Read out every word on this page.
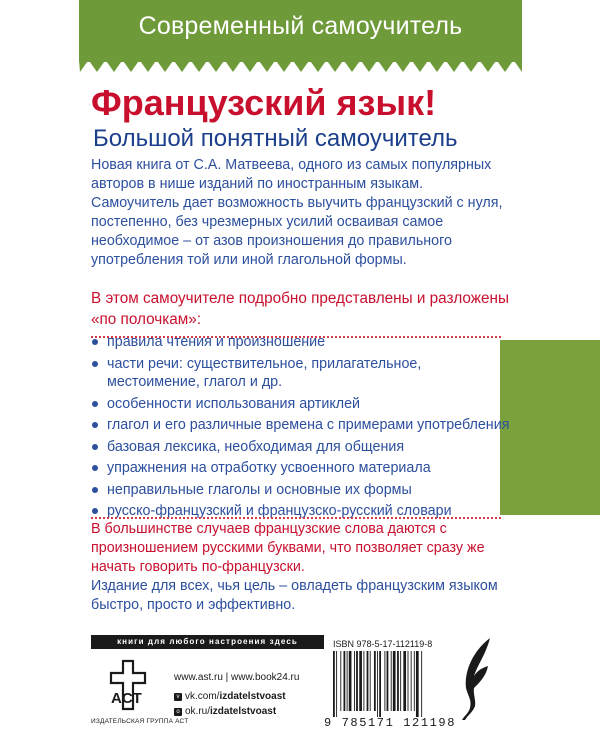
Современный самоучитель
Французский язык!
Большой понятный самоучитель
Новая книга от С.А. Матвеева, одного из самых популярных авторов в нише изданий по иностранным языкам.
Самоучитель дает возможность выучить французский с нуля, постепенно, без чрезмерных усилий осваивая самое необходимое – от азов произношения до правильного употребления той или иной глагольной формы.
В этом самоучителе подробно представлены и разложены «по полочкам»:
правила чтения и произношение
части речи: существительное, прилагательное, местоимение, глагол и др.
особенности использования артиклей
глагол и его различные времена с примерами употребления
базовая лексика, необходимая для общения
упражнения на отработку усвоенного материала
неправильные глаголы и основные их формы
русско-французский и французско-русский словари
В большинстве случаев французские слова даются с произношением русскими буквами, что позволяет сразу же начать говорить по-французски.
Издание для всех, чья цель – овладеть французским языком быстро, просто и эффективно.
книги для любого настроения здесь
ACT
ИЗДАТЕЛЬСКАЯ ГРУППА АСТ
www.ast.ru | www.book24.ru
v vk.com/ izdatelstvoast
o ok.ru/ izdatelstvoast
ISBN 978-5-17-112119-8
9 785171 121198
